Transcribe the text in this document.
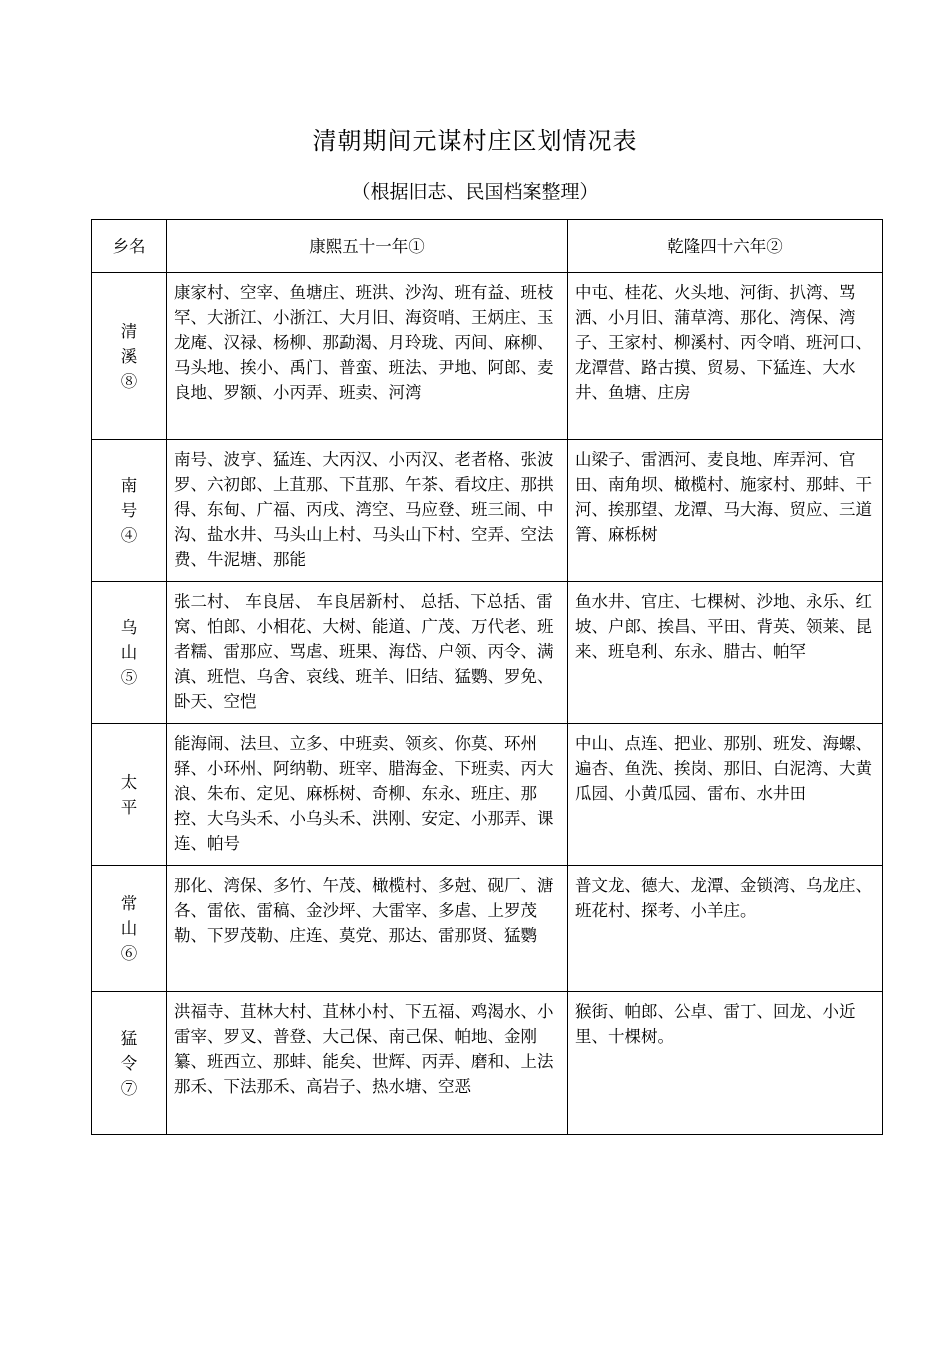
清朝期间元谋村庄区划情况表
（根据旧志、民国档案整理）
乡名	康熙五十一年①	乾隆四十六年②

清溪⑧	康家村、空宰、鱼塘庄、班洪、沙沟、班有益、班枝罕、大浙江、小浙江、大月旧、海资哨、王炳庄、玉龙庵、汉禄、杨柳、那勐渴、月玲珑、丙间、麻柳、马头地、挨小、禹门、普蛮、班法、尹地、阿郎、麦良地、罗额、小丙弄、班卖、河湾	中屯、桂花、火头地、河街、扒湾、骂洒、小月旧、蒲草湾、那化、湾保、湾子、王家村、柳溪村、丙令哨、班河口、龙潭营、路古摸、贸易、下猛连、大水井、鱼塘、庄房

南号④	南号、波亨、猛连、大丙汉、小丙汉、老者格、张波罗、六初郎、上苴那、下苴那、午茶、看坟庄、那拱得、东甸、广福、丙戌、湾空、马应登、班三闹、中沟、盐水井、马头山上村、马头山下村、空弄、空法费、牛泥塘、那能	山梁子、雷洒河、麦良地、库弄河、官田、南角坝、橄榄村、施家村、那蚌、干河、挨那望、龙潭、马大海、贸应、三道箐、麻栎树

乌山⑤	张二村、 车良居、 车良居新村、 总括、下总括、雷窝、怕郎、小相花、大树、能道、广茂、万代老、班者糯、雷那应、骂虐、班果、海岱、户领、丙令、满滇、班恺、乌舍、哀线、班羊、旧结、猛鹦、罗免、卧天、空恺	鱼水井、官庄、七棵树、沙地、永乐、红坡、户郎、挨昌、平田、背英、领莱、昆来、班皂利、东永、腊古、帕罕

太平	能海闹、法旦、立多、中班卖、领亥、你莫、环州驿、小环州、阿纳勒、班宰、腊海金、下班卖、丙大浪、朱布、定见、麻栎树、奇柳、东永、班庄、那控、大乌头禾、小乌头禾、洪刚、安定、小那弄、课连、帕号	中山、点连、把业、那别、班发、海螺、遍杏、鱼洗、挨岗、那旧、白泥湾、大黄瓜园、小黄瓜园、雷布、水井田

常山⑥	那化、湾保、多竹、午茂、橄榄村、多尅、砚厂、溏各、雷依、雷稿、金沙坪、大雷宰、多虐、上罗茂勒、下罗茂勒、庄连、莫党、那达、雷那贤、猛鹦	普文龙、德大、龙潭、金锁湾、乌龙庄、班花村、探考、小羊庄。

猛令⑦	洪福寺、苴林大村、苴林小村、下五福、鸡渴水、小雷宰、罗叉、普登、大己保、南己保、帕地、金刚纂、班西立、那蚌、能矣、世辉、丙弄、磨和、上法那禾、下法那禾、高岩子、热水塘、空恶	猴街、帕郎、公卓、雷丁、回龙、小近里、十棵树。
